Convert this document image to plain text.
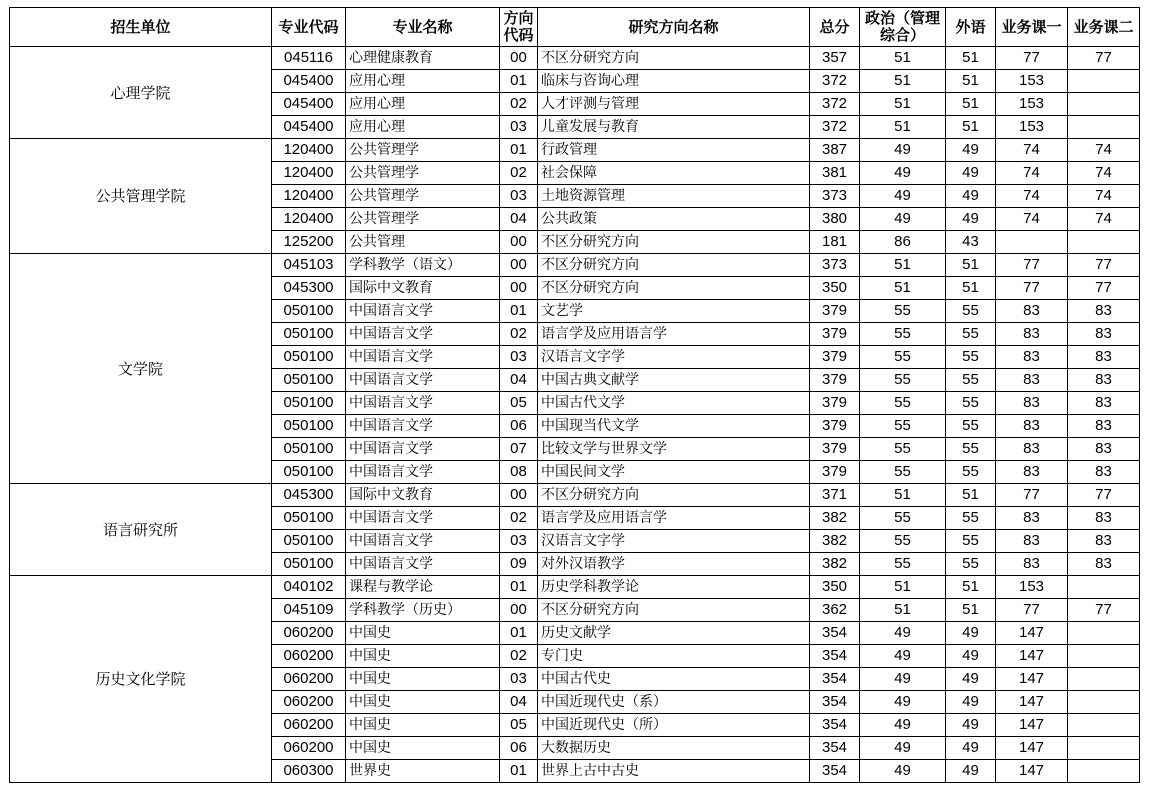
招生单位	专业代码	专业名称	方向代码	研究方向名称	总分	政治（管理综合）	外语	业务课一	业务课二
心理学院	045116	心理健康教育	00	不区分研究方向	357	51	51	77	77
	045400	应用心理	01	临床与咨询心理	372	51	51	153	
	045400	应用心理	02	人才评测与管理	372	51	51	153	
	045400	应用心理	03	儿童发展与教育	372	51	51	153	
公共管理学院	120400	公共管理学	01	行政管理	387	49	49	74	74
	120400	公共管理学	02	社会保障	381	49	49	74	74
	120400	公共管理学	03	土地资源管理	373	49	49	74	74
	120400	公共管理学	04	公共政策	380	49	49	74	74
	125200	公共管理	00	不区分研究方向	181	86	43		
文学院	045103	学科教学（语文）	00	不区分研究方向	373	51	51	77	77
	045300	国际中文教育	00	不区分研究方向	350	51	51	77	77
	050100	中国语言文学	01	文艺学	379	55	55	83	83
	050100	中国语言文学	02	语言学及应用语言学	379	55	55	83	83
	050100	中国语言文学	03	汉语言文字学	379	55	55	83	83
	050100	中国语言文学	04	中国古典文献学	379	55	55	83	83
	050100	中国语言文学	05	中国古代文学	379	55	55	83	83
	050100	中国语言文学	06	中国现当代文学	379	55	55	83	83
	050100	中国语言文学	07	比较文学与世界文学	379	55	55	83	83
	050100	中国语言文学	08	中国民间文学	379	55	55	83	83
语言研究所	045300	国际中文教育	00	不区分研究方向	371	51	51	77	77
	050100	中国语言文学	02	语言学及应用语言学	382	55	55	83	83
	050100	中国语言文学	03	汉语言文字学	382	55	55	83	83
	050100	中国语言文学	09	对外汉语教学	382	55	55	83	83
历史文化学院	040102	课程与教学论	01	历史学科教学论	350	51	51	153	
	045109	学科教学（历史）	00	不区分研究方向	362	51	51	77	77
	060200	中国史	01	历史文献学	354	49	49	147	
	060200	中国史	02	专门史	354	49	49	147	
	060200	中国史	03	中国古代史	354	49	49	147	
	060200	中国史	04	中国近现代史（系）	354	49	49	147	
	060200	中国史	05	中国近现代史（所）	354	49	49	147	
	060200	中国史	06	大数据历史	354	49	49	147	
	060300	世界史	01	世界上古中古史	354	49	49	147	
